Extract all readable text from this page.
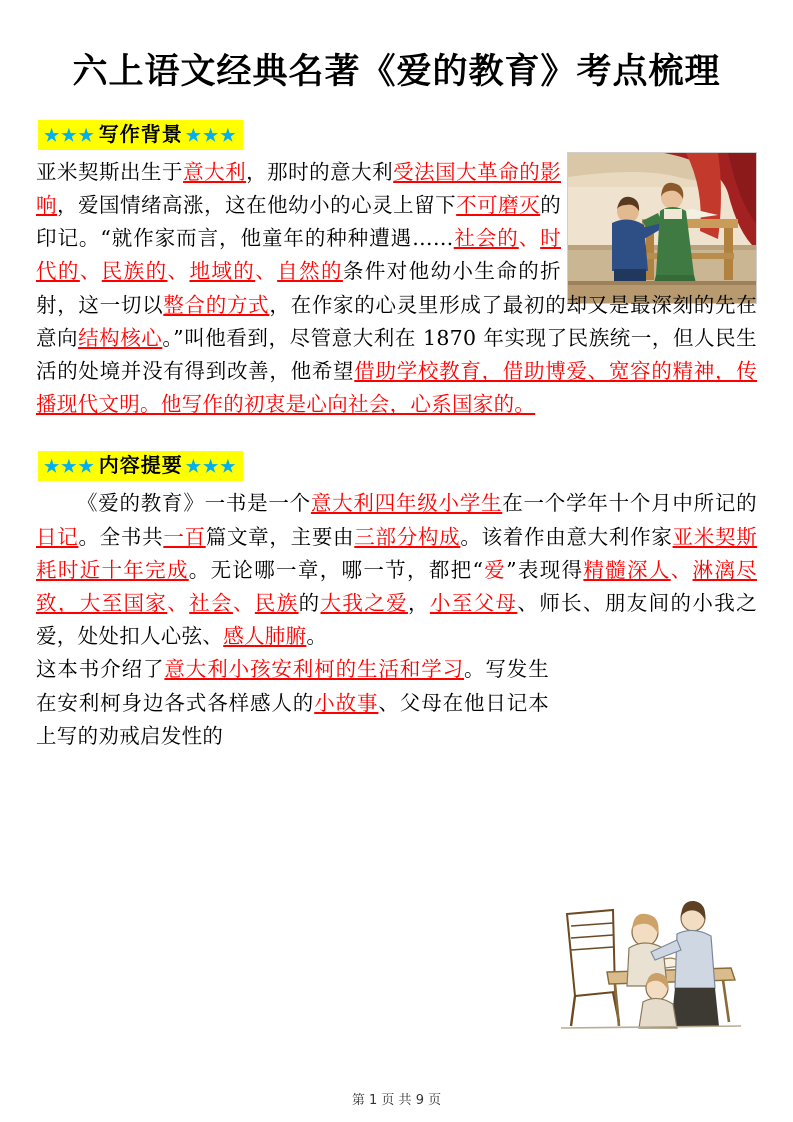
六上语文经典名著《爱的教育》考点梳理
★★★ 写作背景 ★★★

亚米契斯出生于意大利，那时的意大利受法国大革命的影响，爱国情绪高涨，这在他幼小的心灵上留下不可磨灭的印记。“就作家而言，他童年的种种遭遇……社会的、时代的、民族的、地域的、自然的条件对他幼小生命的折射，这一切以整合的方式，在作家的心灵里形成了最初的却又是最深刻的先在意向结构核心。”叫他看到，尽管意大利在 1870 年实现了民族统一，但人民生活的处境并没有得到改善，他希望借助学校教育，借助博爱、宽容的精神，传播现代文明。他写作的初衷是心向社会，心系国家的。

★★★ 内容提要 ★★★

《爱的教育》一书是一个意大利四年级小学生在一个学年十个月中所记的日记。全书共一百篇文章，主要由三部分构成。该着作由意大利作家亚米契斯耗时近十年完成。无论哪一章，哪一节，都把“爱”表现得精髓深人、淋漓尽致，大至国家、社会、民族的大我之爱，小至父母、师长、朋友间的小我之爱，处处扣人心弦、感人肺腑。

这本书介绍了意大利小孩安利柯的生活和学习。写发生在安利柯身边各式各样感人的小故事、父母在他日记本上写的劝戒启发性的

第 1 页 共 9 页
